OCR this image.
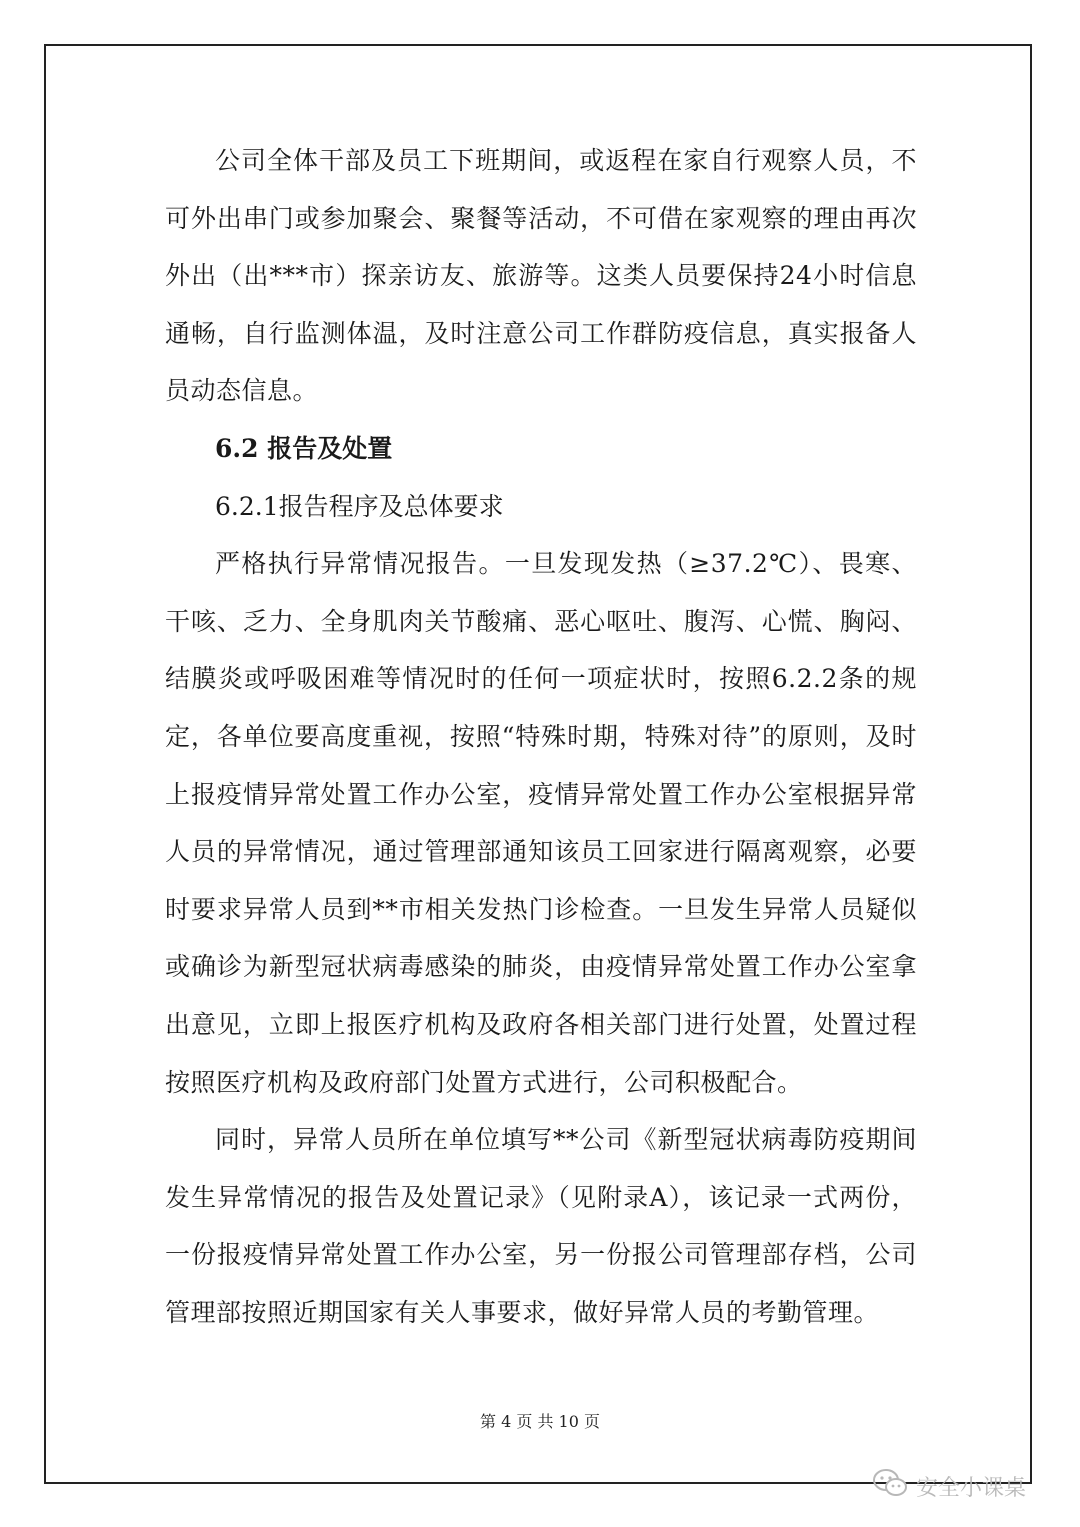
公司全体干部及员工下班期间，或返程在家自行观察人员，不可外出串门或参加聚会、聚餐等活动，不可借在家观察的理由再次外出（出***市）探亲访友、旅游等。这类人员要保持24小时信息通畅，自行监测体温，及时注意公司工作群防疫信息，真实报备人员动态信息。

6.2 报告及处置

6.2.1报告程序及总体要求

严格执行异常情况报告。一旦发现发热（≥37.2℃）、畏寒、干咳、乏力、全身肌肉关节酸痛、恶心呕吐、腹泻、心慌、胸闷、结膜炎或呼吸困难等情况时的任何一项症状时，按照6.2.2条的规定，各单位要高度重视，按照“特殊时期，特殊对待”的原则，及时上报疫情异常处置工作办公室，疫情异常处置工作办公室根据异常人员的异常情况，通过管理部通知该员工回家进行隔离观察，必要时要求异常人员到**市相关发热门诊检查。一旦发生异常人员疑似或确诊为新型冠状病毒感染的肺炎，由疫情异常处置工作办公室拿出意见，立即上报医疗机构及政府各相关部门进行处置，处置过程按照医疗机构及政府部门处置方式进行，公司积极配合。

同时，异常人员所在单位填写**公司《新型冠状病毒防疫期间发生异常情况的报告及处置记录》（见附录A），该记录一式两份，一份报疫情异常处置工作办公室，另一份报公司管理部存档，公司管理部按照近期国家有关人事要求，做好异常人员的考勤管理。

第 4 页 共 10 页
安全小课桌
